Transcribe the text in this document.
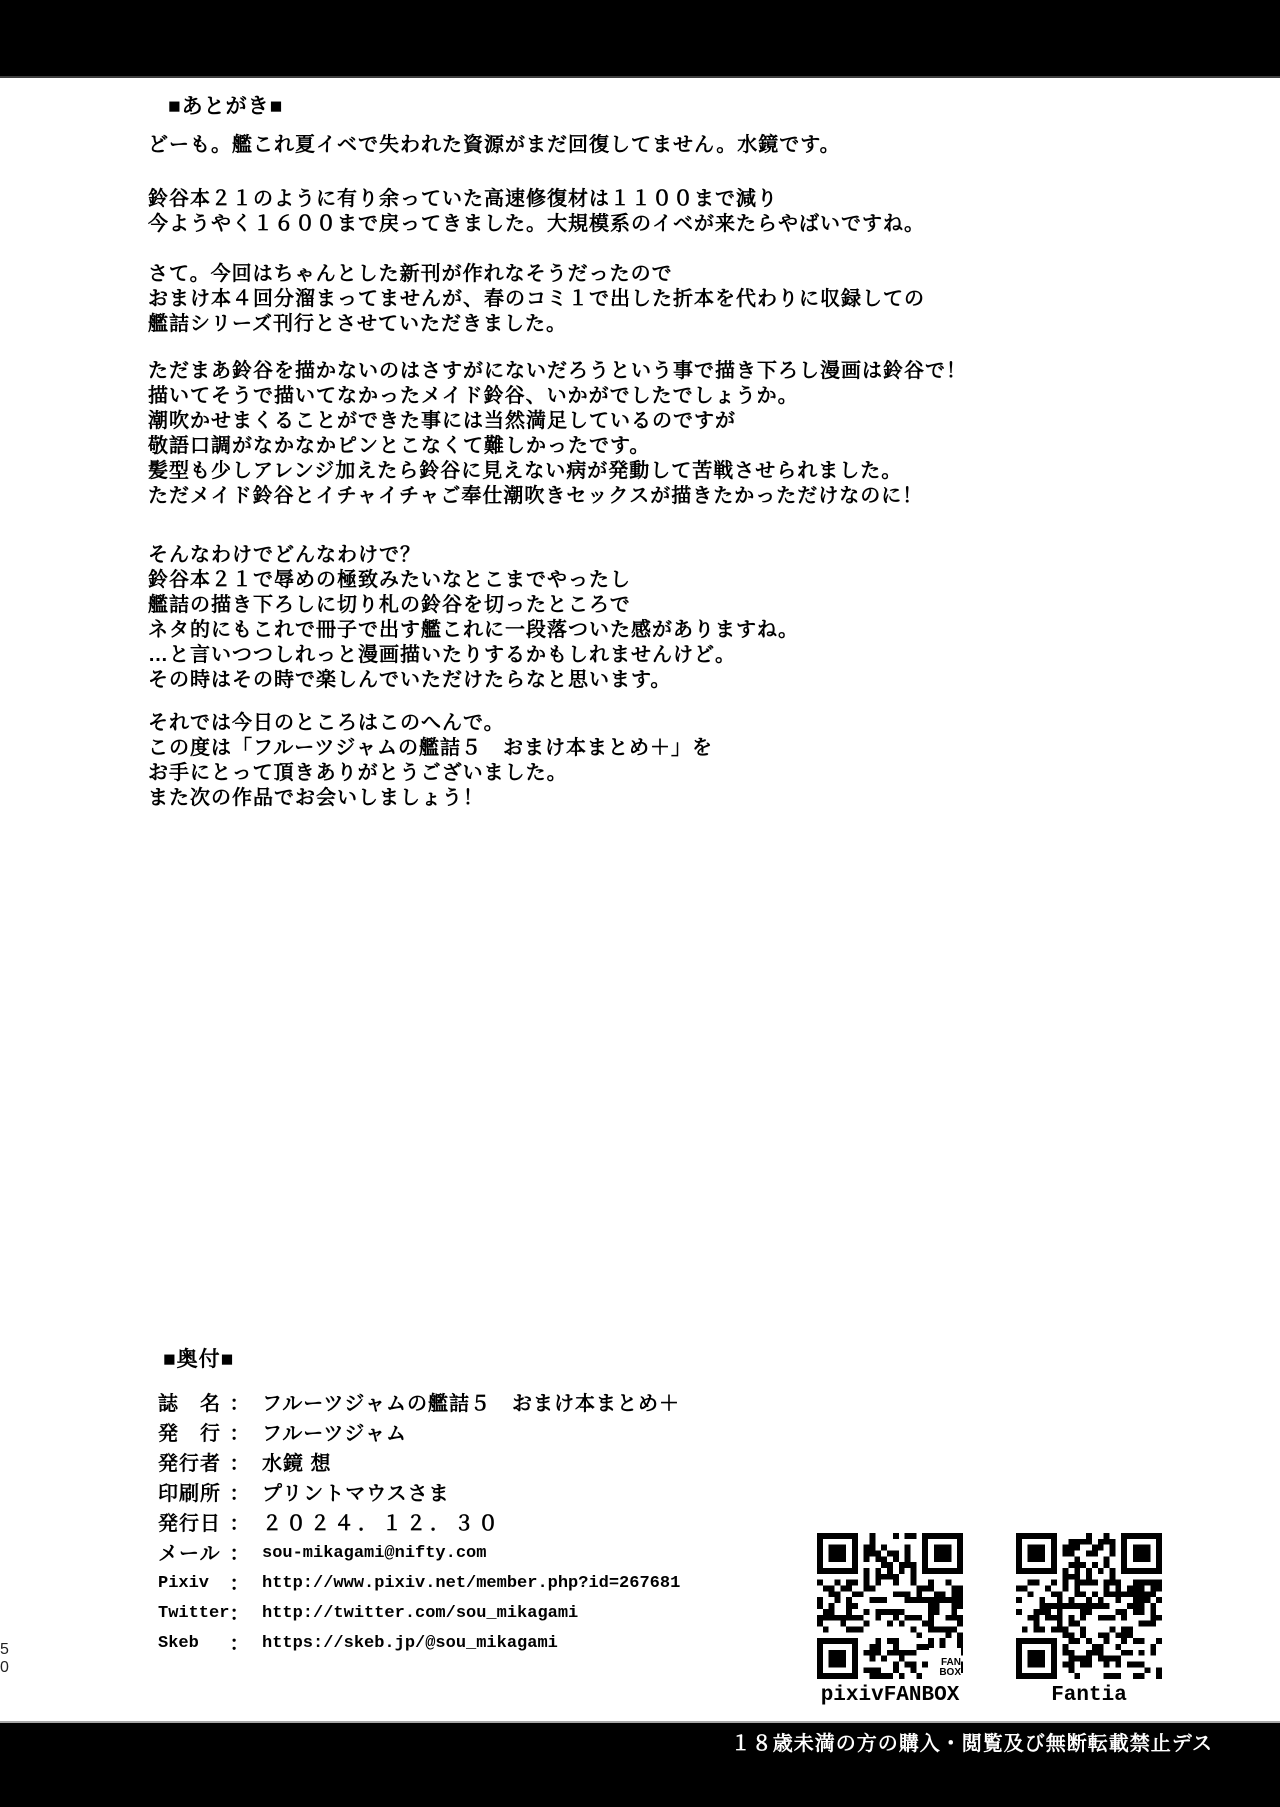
■あとがき■
どーも。艦これ夏イベで失われた資源がまだ回復してません。水鏡です。
鈴谷本２１のように有り余っていた高速修復材は１１００まで減り
今ようやく１６００まで戻ってきました。大規模系のイベが来たらやばいですね。
さて。今回はちゃんとした新刊が作れなそうだったので
おまけ本４回分溜まってませんが、春のコミ１で出した折本を代わりに収録しての
艦詰シリーズ刊行とさせていただきました。
ただまあ鈴谷を描かないのはさすがにないだろうという事で描き下ろし漫画は鈴谷で！
描いてそうで描いてなかったメイド鈴谷、いかがでしたでしょうか。
潮吹かせまくることができた事には当然満足しているのですが
敬語口調がなかなかピンとこなくて難しかったです。
髪型も少しアレンジ加えたら鈴谷に見えない病が発動して苦戦させられました。
ただメイド鈴谷とイチャイチャご奉仕潮吹きセックスが描きたかっただけなのに！
そんなわけでどんなわけで？
鈴谷本２１で辱めの極致みたいなとこまでやったし
艦詰の描き下ろしに切り札の鈴谷を切ったところで
ネタ的にもこれで冊子で出す艦これに一段落ついた感がありますね。
…と言いつつしれっと漫画描いたりするかもしれませんけど。
その時はその時で楽しんでいただけたらなと思います。
それでは今日のところはこのへんで。
この度は「フルーツジャムの艦詰５　おまけ本まとめ＋」を
お手にとって頂きありがとうございました。
また次の作品でお会いしましょう！
■奥付■
誌　名 ： フルーツジャムの艦詰５　おまけ本まとめ＋
発　行 ： フルーツジャム
発行者 ： 水鏡 想
印刷所 ： プリントマウスさま
発行日 ： ２０２４．１２．３０
メール ： sou-mikagami@nifty.com
Pixiv	： http://www.pixiv.net/member.php?id=267681
Twitter ： http://twitter.com/sou_mikagami
Skeb	： https://skeb.jp/@sou_mikagami
FAN
BOX
pixivFANBOX	Fantia
5
0
１８歳未満の方の購入・閲覧及び無断転載禁止デス
